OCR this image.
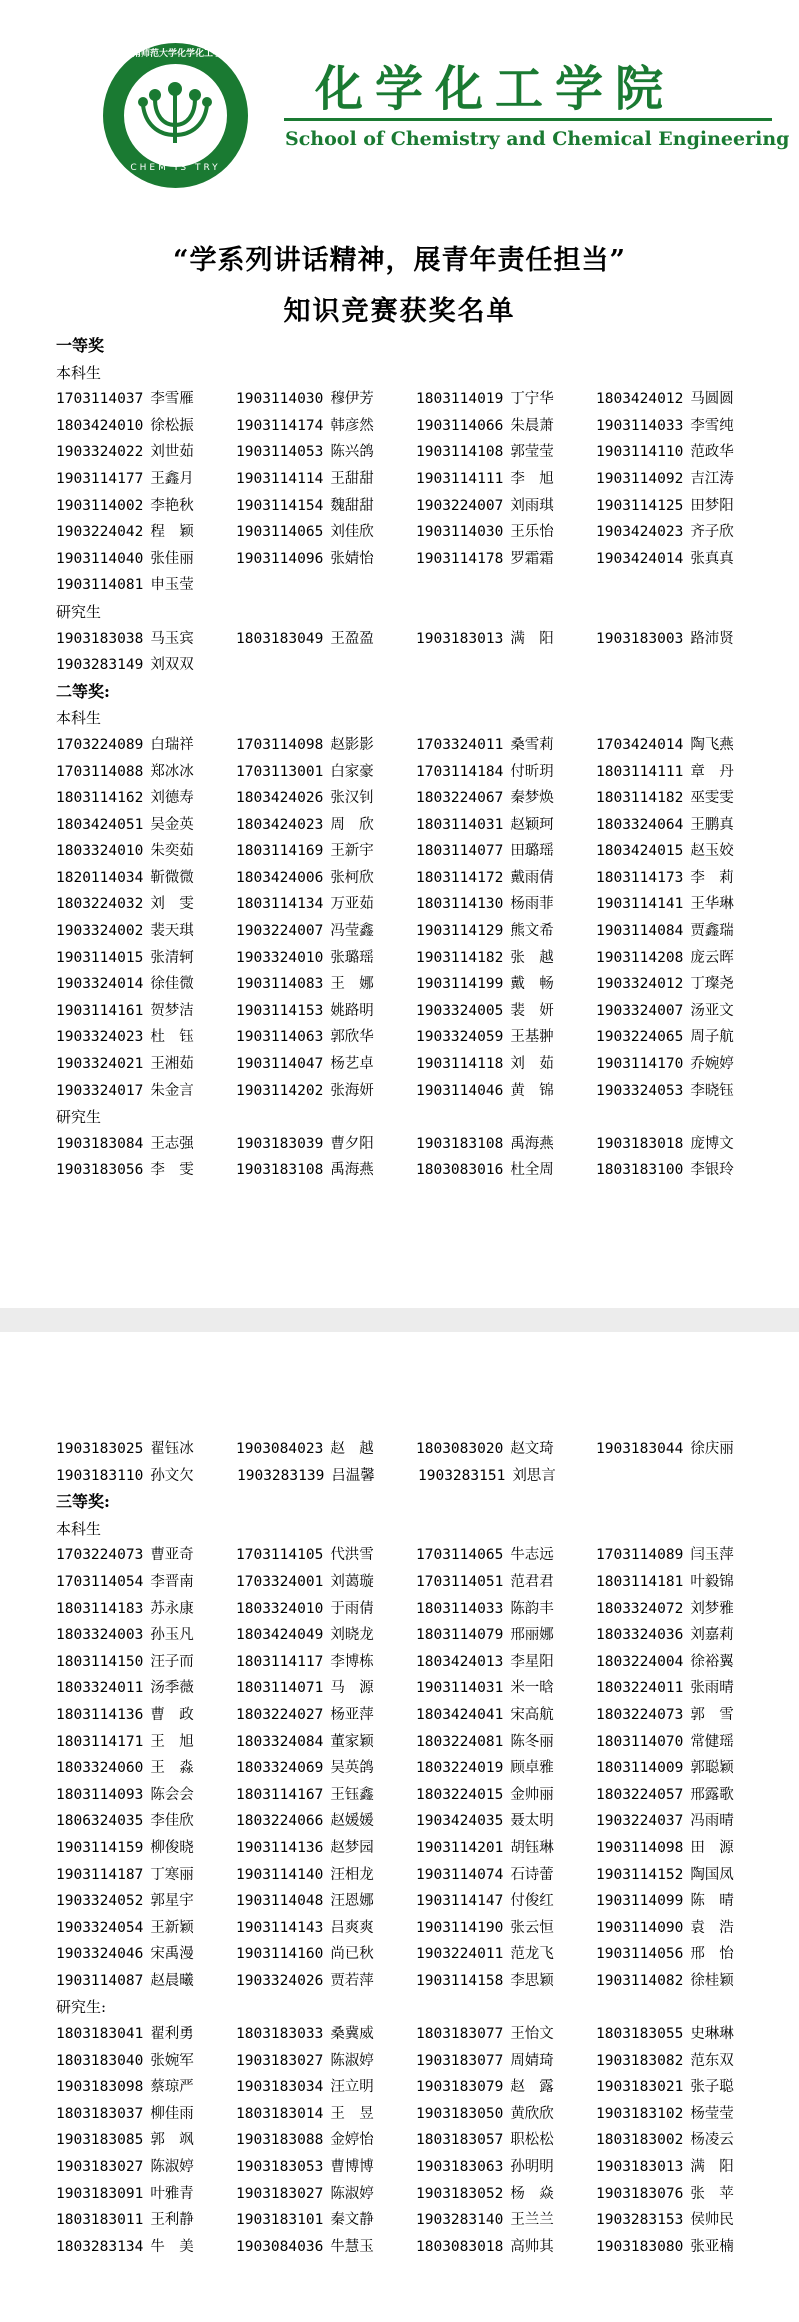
河南师范大学化学化工学院
CHEM IS TRY
化学化工学院
School of Chemistry and Chemical Engineering
“学系列讲话精神，展青年责任担当”
知识竞赛获奖名单
一等奖
本科生
1703114037 李雪雁	1903114030 穆伊芳	1803114019 丁宁华	1803424012 马圆圆
1803424010 徐松振	1903114174 韩彦然	1903114066 朱晨萧	1903114033 李雪纯
1903324022 刘世茹	1903114053 陈兴鸽	1903114108 郭莹莹	1903114110 范政华
1903114177 王鑫月	1903114114 王甜甜	1903114111 李　旭	1903114092 吉江涛
1903114002 李艳秋	1903114154 魏甜甜	1903224007 刘雨琪	1903114125 田梦阳
1903224042 程　颖	1903114065 刘佳欣	1903114030 王乐怡	1903424023 齐子欣
1903114040 张佳丽	1903114096 张婧怡	1903114178 罗霜霜	1903424014 张真真
1903114081 申玉莹
研究生
1903183038 马玉宾	1803183049 王盈盈	1903183013 满　阳	1903183003 路沛贤
1903283149 刘双双
二等奖:
本科生
1703224089 白瑞祥	1703114098 赵影影	1703324011 桑雪莉	1703424014 陶飞燕
1703114088 郑冰冰	1703113001 白家豪	1703114184 付昕玥	1803114111 章　丹
1803114162 刘德寿	1803424026 张汉钊	1803224067 秦梦焕	1803114182 巫雯雯
1803424051 吴金英	1803424023 周　欣	1803114031 赵颖珂	1803324064 王鹏真
1803324010 朱奕茹	1803114169 王新宇	1803114077 田璐瑶	1803424015 赵玉姣
1820114034 靳微微	1803424006 张柯欣	1803114172 戴雨倩	1803114173 李　莉
1803224032 刘　雯	1803114134 万亚茹	1803114130 杨雨菲	1903114141 王华琳
1903324002 裴天琪	1903224007 冯莹鑫	1903114129 熊文希	1903114084 贾鑫瑞
1903114015 张清轲	1903324010 张璐瑶	1903114182 张　越	1903114208 庞云晖
1903324014 徐佳微	1903114083 王　娜	1903114199 戴　畅	1903324012 丁璨尧
1903114161 贺梦洁	1903114153 姚路明	1903324005 裴　妍	1903324007 汤亚文
1903324023 杜　钰	1903114063 郭欣华	1903324059 王基翀	1903224065 周子航
1903324021 王湘茹	1903114047 杨艺卓	1903114118 刘　茹	1903114170 乔婉婷
1903324017 朱金言	1903114202 张海妍	1903114046 黄　锦	1903324053 李晓钰
研究生
1903183084 王志强	1903183039 曹夕阳	1903183108 禹海燕	1903183018 庞博文
1903183056 李　雯	1903183108 禹海燕	1803083016 杜全周	1803183100 李银玲
1903183025 翟钰冰	1903084023 赵　越	1803083020 赵文琦	1903183044 徐庆丽
1903183110 孙文欠	1903283139 吕温馨	1903283151 刘思言
三等奖:
本科生
1703224073 曹亚奇	1703114105 代洪雪	1703114065 牛志远	1703114089 闫玉萍
1703114054 李晋南	1703324001 刘蔼璇	1703114051 范君君	1803114181 叶毅锦
1803114183 苏永康	1803324010 于雨倩	1803114033 陈韵丰	1803324072 刘梦雅
1803324003 孙玉凡	1803424049 刘晓龙	1803114079 邢丽娜	1803324036 刘嘉莉
1803114150 汪子而	1803114117 李博栋	1803424013 李星阳	1803224004 徐裕翼
1803324011 汤季薇	1803114071 马　源	1903114031 米一晗	1803224011 张雨晴
1803114136 曹　政	1803224027 杨亚萍	1803424041 宋高航	1803224073 郭　雪
1803114171 王　旭	1803324084 董家颖	1803224081 陈冬丽	1803114070 常健瑶
1803324060 王　淼	1803324069 吴英鸽	1803224019 顾卓雅	1803114009 郭聪颖
1803114093 陈会会	1803114167 王钰鑫	1803224015 金帅丽	1803224057 邢露歌
1806324035 李佳欣	1803224066 赵媛媛	1903424035 聂太明	1903224037 冯雨晴
1903114159 柳俊晓	1903114136 赵梦园	1903114201 胡钰琳	1903114098 田　源
1903114187 丁寒丽	1903114140 汪相龙	1903114074 石诗蕾	1903114152 陶国凤
1903324052 郭星宇	1903114048 汪恩娜	1903114147 付俊红	1903114099 陈　晴
1903324054 王新颖	1903114143 吕爽爽	1903114190 张云恒	1903114090 袁　浩
1903324046 宋禹漫	1903114160 尚已秋	1903224011 范龙飞	1903114056 邢　怡
1903114087 赵晨曦	1903324026 贾若萍	1903114158 李思颖	1903114082 徐桂颖
研究生:
1803183041 翟利勇	1803183033 桑冀威	1803183077 王怡文	1803183055 史琳琳
1803183040 张婉军	1903183027 陈淑婷	1903183077 周婧琦	1903183082 范东双
1903183098 蔡琼严	1903183034 汪立明	1903183079 赵　露	1903183021 张子聪
1803183037 柳佳雨	1803183014 王　昱	1903183050 黄欣欣	1903183102 杨莹莹
1903183085 郭　飒	1903183088 金婷怡	1803183057 职松松	1803183002 杨凌云
1903183027 陈淑婷	1903183053 曹博博	1903183063 孙明明	1903183013 满　阳
1903183091 叶雅青	1903183027 陈淑婷	1903183052 杨　焱	1903183076 张　苹
1803183011 王利静	1903183101 秦文静	1903283140 王兰兰	1903283153 侯帅民
1803283134 牛　美	1903084036 牛慧玉	1803083018 高帅其	1903183080 张亚楠
